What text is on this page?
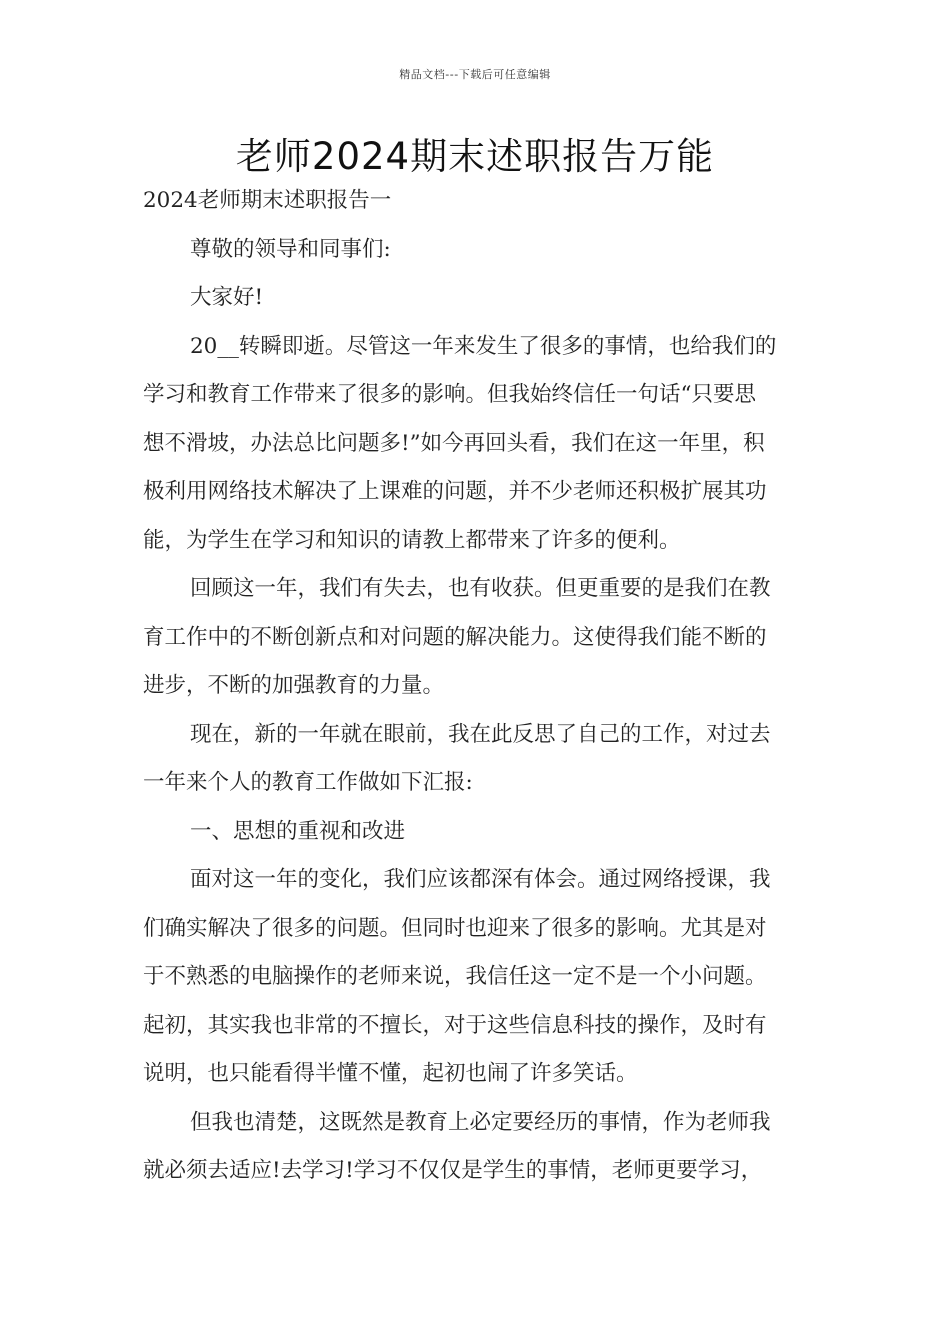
精品文档---下载后可任意编辑
老师2024期末述职报告万能
2024老师期末述职报告一
尊敬的领导和同事们:
大家好!
20__转瞬即逝。尽管这一年来发生了很多的事情，也给我们的
学习和教育工作带来了很多的影响。但我始终信任一句话“只要思
想不滑坡，办法总比问题多!”如今再回头看，我们在这一年里，积
极利用网络技术解决了上课难的问题，并不少老师还积极扩展其功
能，为学生在学习和知识的请教上都带来了许多的便利。
回顾这一年，我们有失去，也有收获。但更重要的是我们在教
育工作中的不断创新点和对问题的解决能力。这使得我们能不断的
进步，不断的加强教育的力量。
现在，新的一年就在眼前，我在此反思了自己的工作，对过去
一年来个人的教育工作做如下汇报:
一、思想的重视和改进
面对这一年的变化，我们应该都深有体会。通过网络授课，我
们确实解决了很多的问题。但同时也迎来了很多的影响。尤其是对
于不熟悉的电脑操作的老师来说，我信任这一定不是一个小问题。
起初，其实我也非常的不擅长，对于这些信息科技的操作，及时有
说明，也只能看得半懂不懂，起初也闹了许多笑话。
但我也清楚，这既然是教育上必定要经历的事情，作为老师我
就必须去适应!去学习!学习不仅仅是学生的事情，老师更要学习，
